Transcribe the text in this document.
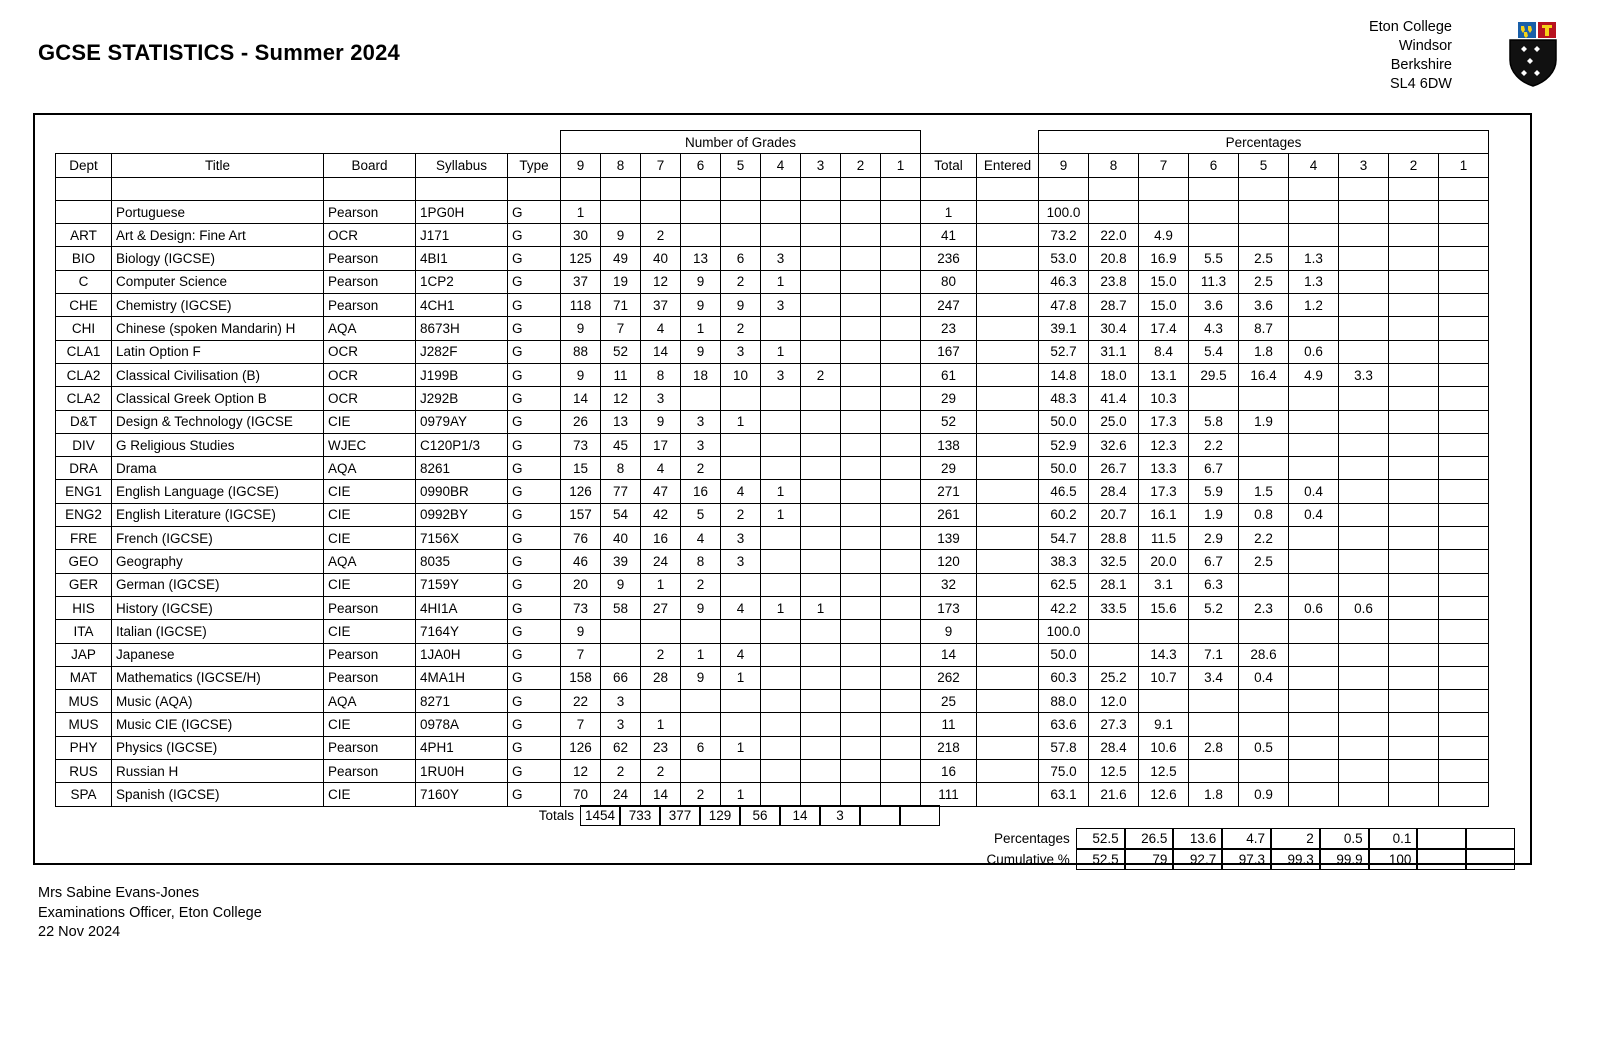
GCSE STATISTICS - Summer 2024
Eton College
Windsor
Berkshire
SL4 6DW
					Number of Grades											Percentages								
Dept	Title	Board	Syllabus	Type	9	8	7	6	5	4	3	2	1	Total	Entered	9	8	7	6	5	4	3	2	1

	Portuguese	Pearson	1PG0H	G	1									1		100.0								
ART	Art & Design: Fine Art	OCR	J171	G	30	9	2							41		73.2	22.0	4.9						
BIO	Biology (IGCSE)	Pearson	4BI1	G	125	49	40	13	6	3				236		53.0	20.8	16.9	5.5	2.5	1.3			
C	Computer Science	Pearson	1CP2	G	37	19	12	9	2	1				80		46.3	23.8	15.0	11.3	2.5	1.3			
CHE	Chemistry (IGCSE)	Pearson	4CH1	G	118	71	37	9	9	3				247		47.8	28.7	15.0	3.6	3.6	1.2			
CHI	Chinese (spoken Mandarin) H	AQA	8673H	G	9	7	4	1	2					23		39.1	30.4	17.4	4.3	8.7				
CLA1	Latin Option F	OCR	J282F	G	88	52	14	9	3	1				167		52.7	31.1	8.4	5.4	1.8	0.6			
CLA2	Classical Civilisation (B)	OCR	J199B	G	9	11	8	18	10	3	2			61		14.8	18.0	13.1	29.5	16.4	4.9	3.3		
CLA2	Classical Greek Option B	OCR	J292B	G	14	12	3							29		48.3	41.4	10.3						
D&T	Design & Technology (IGCSE	CIE	0979AY	G	26	13	9	3	1					52		50.0	25.0	17.3	5.8	1.9				
DIV	G Religious Studies	WJEC	C120P1/3	G	73	45	17	3						138		52.9	32.6	12.3	2.2					
DRA	Drama	AQA	8261	G	15	8	4	2						29		50.0	26.7	13.3	6.7					
ENG1	English Language (IGCSE)	CIE	0990BR	G	126	77	47	16	4	1				271		46.5	28.4	17.3	5.9	1.5	0.4			
ENG2	English Literature (IGCSE)	CIE	0992BY	G	157	54	42	5	2	1				261		60.2	20.7	16.1	1.9	0.8	0.4			
FRE	French (IGCSE)	CIE	7156X	G	76	40	16	4	3					139		54.7	28.8	11.5	2.9	2.2				
GEO	Geography	AQA	8035	G	46	39	24	8	3					120		38.3	32.5	20.0	6.7	2.5				
GER	German (IGCSE)	CIE	7159Y	G	20	9	1	2						32		62.5	28.1	3.1	6.3					
HIS	History (IGCSE)	Pearson	4HI1A	G	73	58	27	9	4	1	1			173		42.2	33.5	15.6	5.2	2.3	0.6	0.6		
ITA	Italian (IGCSE)	CIE	7164Y	G	9									9		100.0								
JAP	Japanese	Pearson	1JA0H	G	7		2	1	4					14		50.0		14.3	7.1	28.6				
MAT	Mathematics (IGCSE/H)	Pearson	4MA1H	G	158	66	28	9	1					262		60.3	25.2	10.7	3.4	0.4				
MUS	Music (AQA)	AQA	8271	G	22	3								25		88.0	12.0							
MUS	Music CIE (IGCSE)	CIE	0978A	G	7	3	1							11		63.6	27.3	9.1						
PHY	Physics (IGCSE)	Pearson	4PH1	G	126	62	23	6	1					218		57.8	28.4	10.6	2.8	0.5				
RUS	Russian H	Pearson	1RU0H	G	12	2	2							16		75.0	12.5	12.5						
SPA	Spanish (IGCSE)	CIE	7160Y	G	70	24	14	2	1					111		63.1	21.6	12.6	1.8	0.9				
Totals 1454	733	377	129	56	14	3
Percentages	52.5	26.5	13.6	4.7	2	0.5	0.1
Cumulative %	52.5	79	92.7	97.3	99.3	99.9	100
Mrs Sabine Evans-Jones
Examinations Officer, Eton College
22 Nov 2024
